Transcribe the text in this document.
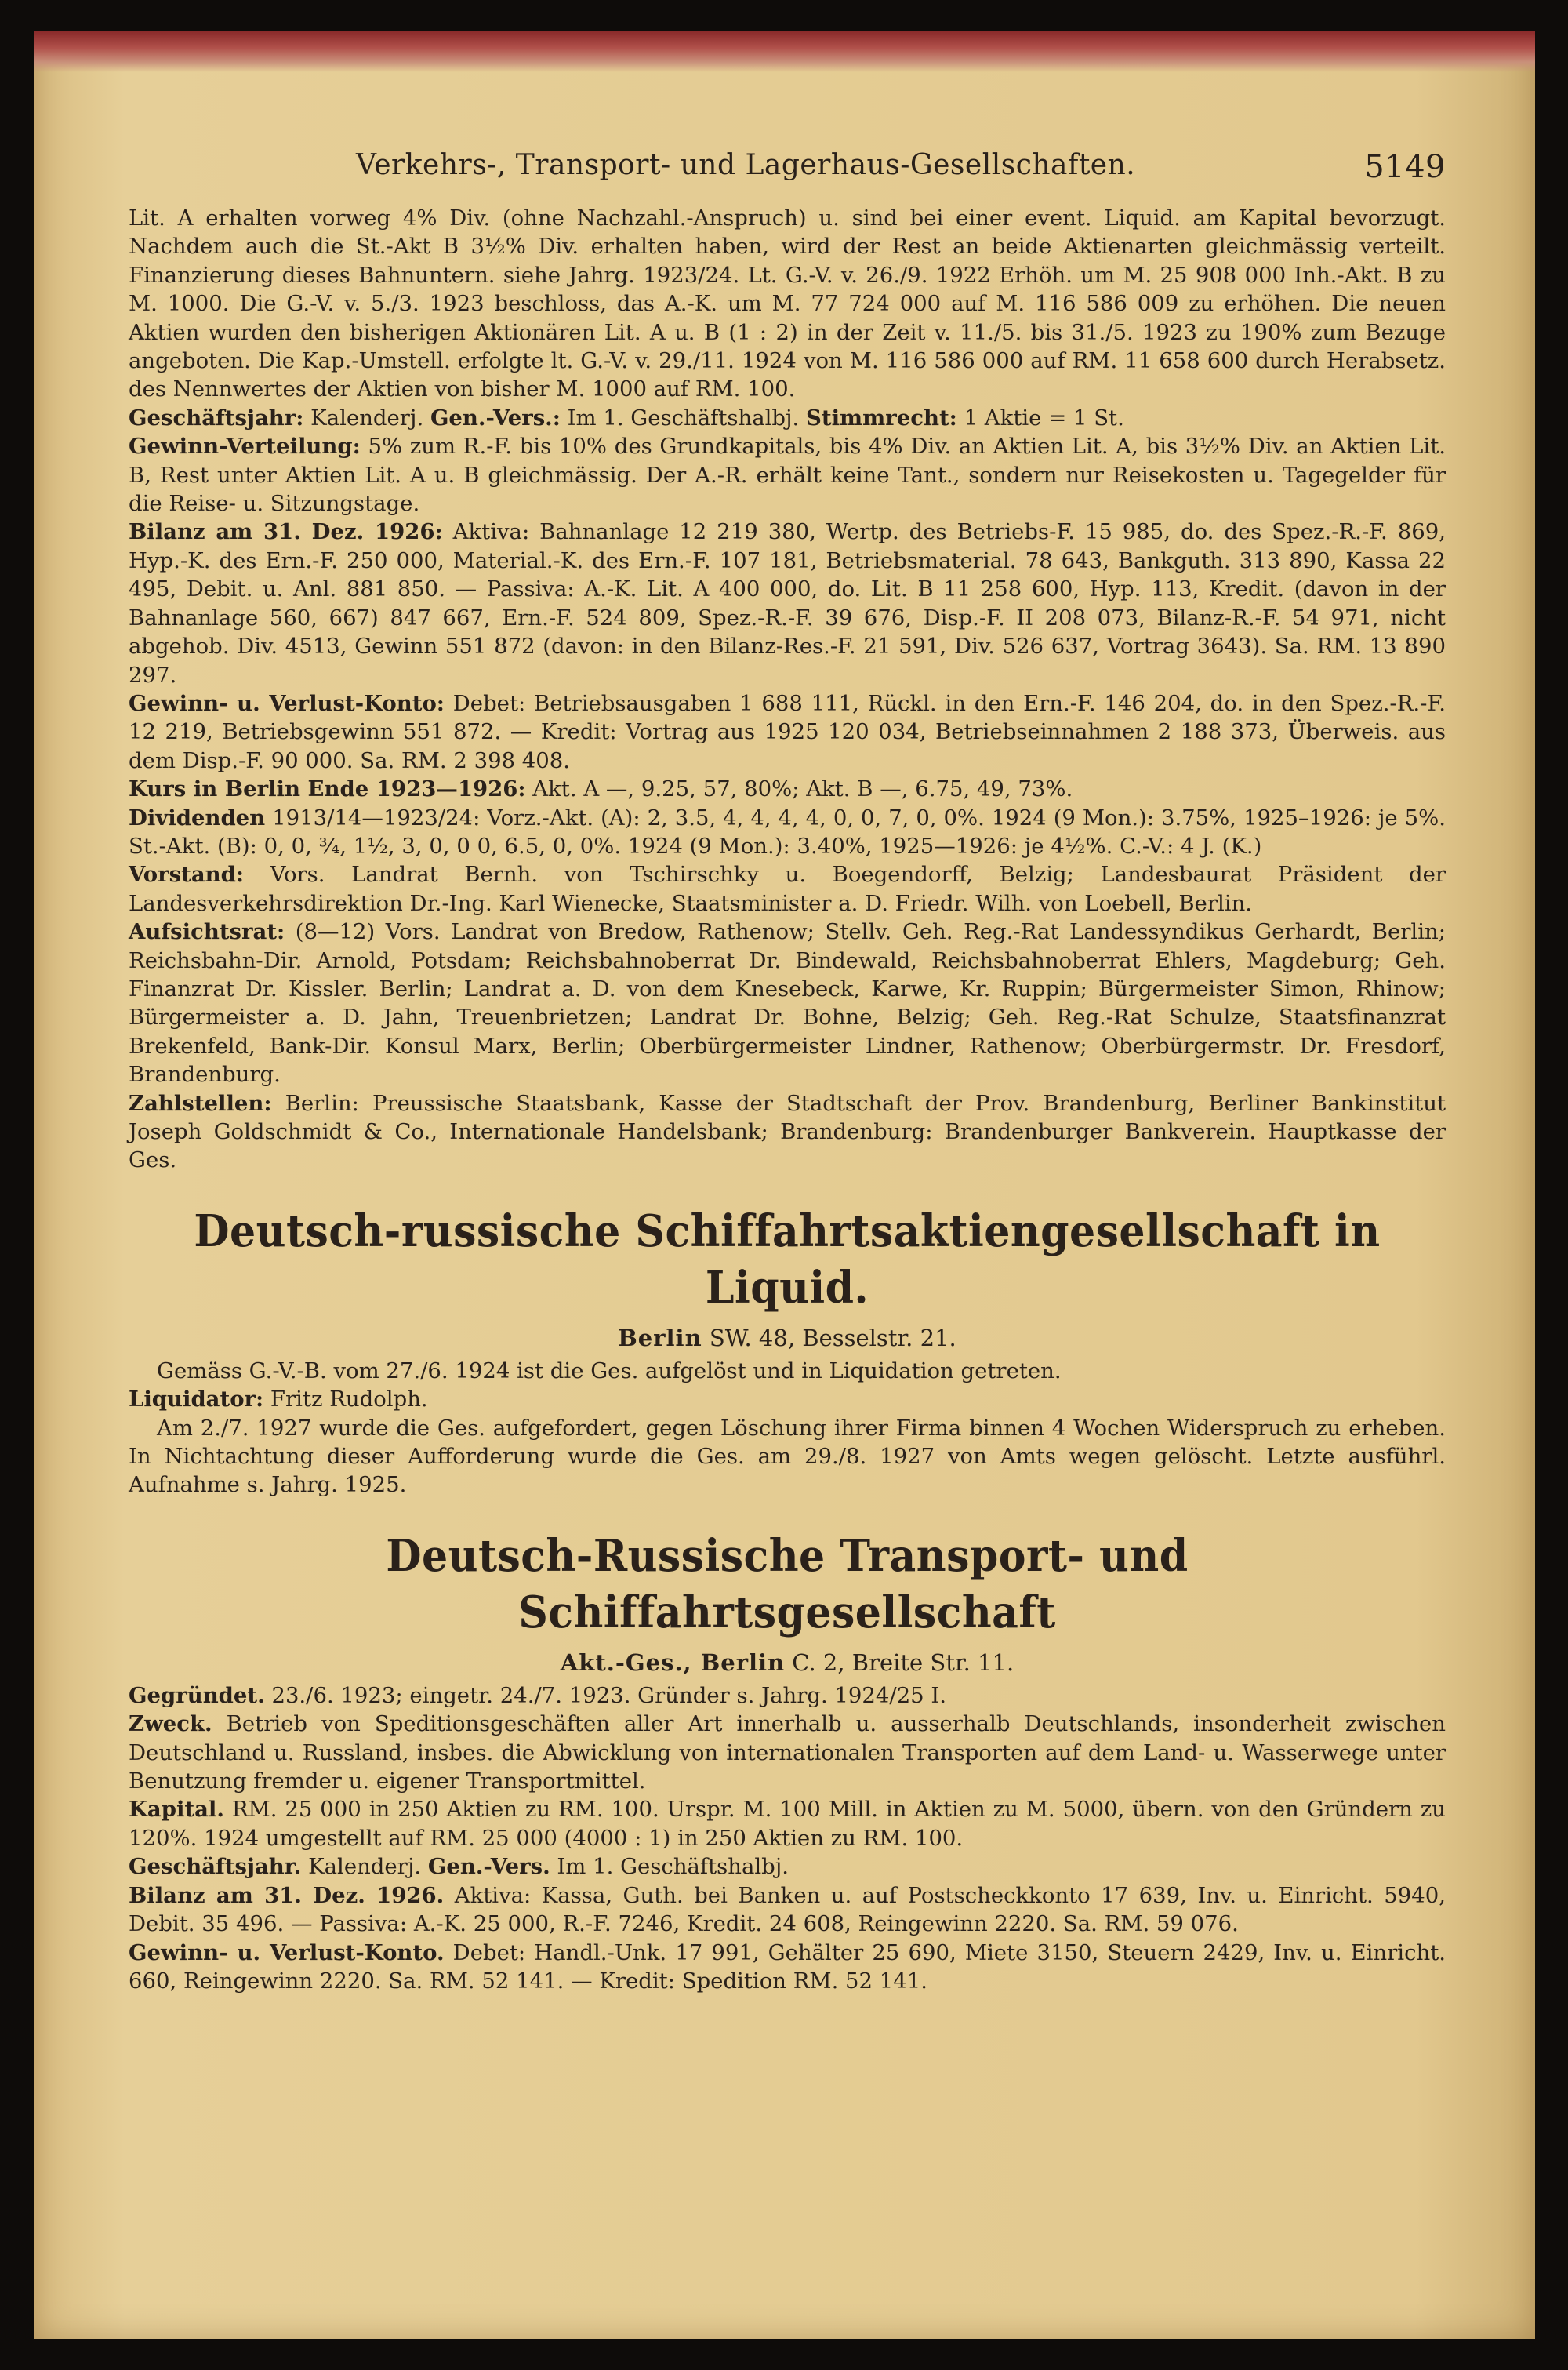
Verkehrs-, Transport- und Lagerhaus-Gesellschaften.	5149

Lit. A erhalten vorweg 4% Div. (ohne Nachzahl.-Anspruch) u. sind bei einer event. Liquid. am Kapital bevorzugt. Nachdem auch die St.-Akt B 3½% Div. erhalten haben, wird der Rest an beide Aktienarten gleichmässig verteilt. Finanzierung dieses Bahnuntern. siehe Jahrg. 1923/24. Lt. G.-V. v. 26./9. 1922 Erhöh. um M. 25 908 000 Inh.-Akt. B zu M. 1000. Die G.-V. v. 5./3. 1923 beschloss, das A.-K. um M. 77 724 000 auf M. 116 586 009 zu erhöhen. Die neuen Aktien wurden den bisherigen Aktionären Lit. A u. B (1 : 2) in der Zeit v. 11./5. bis 31./5. 1923 zu 190% zum Bezuge angeboten. Die Kap.-Umstell. erfolgte lt. G.-V. v. 29./11. 1924 von M. 116 586 000 auf RM. 11 658 600 durch Herabsetz. des Nennwertes der Aktien von bisher M. 1000 auf RM. 100.

Geschäftsjahr: Kalenderj. Gen.-Vers.: Im 1. Geschäftshalbj. Stimmrecht: 1 Aktie = 1 St.

Gewinn-Verteilung: 5% zum R.-F. bis 10% des Grundkapitals, bis 4% Div. an Aktien Lit. A, bis 3½% Div. an Aktien Lit. B, Rest unter Aktien Lit. A u. B gleichmässig. Der A.-R. erhält keine Tant., sondern nur Reisekosten u. Tagegelder für die Reise- u. Sitzungstage.

Bilanz am 31. Dez. 1926: Aktiva: Bahnanlage 12 219 380, Wertp. des Betriebs-F. 15 985, do. des Spez.-R.-F. 869, Hyp.-K. des Ern.-F. 250 000, Material.-K. des Ern.-F. 107 181, Betriebsmaterial. 78 643, Bankguth. 313 890, Kassa 22 495, Debit. u. Anl. 881 850. — Passiva: A.-K. Lit. A 400 000, do. Lit. B 11 258 600, Hyp. 113, Kredit. (davon in der Bahnanlage 560, 667) 847 667, Ern.-F. 524 809, Spez.-R.-F. 39 676, Disp.-F. II 208 073, Bilanz-R.-F. 54 971, nicht abgehob. Div. 4513, Gewinn 551 872 (davon: in den Bilanz-Res.-F. 21 591, Div. 526 637, Vortrag 3643). Sa. RM. 13 890 297.

Gewinn- u. Verlust-Konto: Debet: Betriebsausgaben 1 688 111, Rückl. in den Ern.-F. 146 204, do. in den Spez.-R.-F. 12 219, Betriebsgewinn 551 872. — Kredit: Vortrag aus 1925 120 034, Betriebseinnahmen 2 188 373, Überweis. aus dem Disp.-F. 90 000. Sa. RM. 2 398 408.

Kurs in Berlin Ende 1923—1926: Akt. A —, 9.25, 57, 80%; Akt. B —, 6.75, 49, 73%.

Dividenden 1913/14—1923/24: Vorz.-Akt. (A): 2, 3.5, 4, 4, 4, 4, 0, 0, 7, 0, 0%. 1924 (9 Mon.): 3.75%, 1925–1926: je 5%. St.-Akt. (B): 0, 0, ¾, 1½, 3, 0, 0 0, 6.5, 0, 0%. 1924 (9 Mon.): 3.40%, 1925—1926: je 4½%. C.-V.: 4 J. (K.)

Vorstand: Vors. Landrat Bernh. von Tschirschky u. Boegendorff, Belzig; Landesbaurat Präsident der Landesverkehrsdirektion Dr.-Ing. Karl Wienecke, Staatsminister a. D. Friedr. Wilh. von Loebell, Berlin.

Aufsichtsrat: (8—12) Vors. Landrat von Bredow, Rathenow; Stellv. Geh. Reg.-Rat Landessyndikus Gerhardt, Berlin; Reichsbahn-Dir. Arnold, Potsdam; Reichsbahnoberrat Dr. Bindewald, Reichsbahnoberrat Ehlers, Magdeburg; Geh. Finanzrat Dr. Kissler. Berlin; Landrat a. D. von dem Knesebeck, Karwe, Kr. Ruppin; Bürgermeister Simon, Rhinow; Bürgermeister a. D. Jahn, Treuenbrietzen; Landrat Dr. Bohne, Belzig; Geh. Reg.-Rat Schulze, Staatsfinanzrat Brekenfeld, Bank-Dir. Konsul Marx, Berlin; Oberbürgermeister Lindner, Rathenow; Oberbürgermstr. Dr. Fresdorf, Brandenburg.

Zahlstellen: Berlin: Preussische Staatsbank, Kasse der Stadtschaft der Prov. Brandenburg, Berliner Bankinstitut Joseph Goldschmidt & Co., Internationale Handelsbank; Brandenburg: Brandenburger Bankverein. Hauptkasse der Ges.

Deutsch-russische Schiffahrtsaktiengesellschaft in Liquid.
Berlin SW. 48, Besselstr. 21.

Gemäss G.-V.-B. vom 27./6. 1924 ist die Ges. aufgelöst und in Liquidation getreten.

Liquidator: Fritz Rudolph.

Am 2./7. 1927 wurde die Ges. aufgefordert, gegen Löschung ihrer Firma binnen 4 Wochen Widerspruch zu erheben. In Nichtachtung dieser Aufforderung wurde die Ges. am 29./8. 1927 von Amts wegen gelöscht. Letzte ausführl. Aufnahme s. Jahrg. 1925.

Deutsch-Russische Transport- und Schiffahrtsgesellschaft
Akt.-Ges., Berlin C. 2, Breite Str. 11.

Gegründet. 23./6. 1923; eingetr. 24./7. 1923. Gründer s. Jahrg. 1924/25 I.

Zweck. Betrieb von Speditionsgeschäften aller Art innerhalb u. ausserhalb Deutschlands, insonderheit zwischen Deutschland u. Russland, insbes. die Abwicklung von internationalen Transporten auf dem Land- u. Wasserwege unter Benutzung fremder u. eigener Transportmittel.

Kapital. RM. 25 000 in 250 Aktien zu RM. 100. Urspr. M. 100 Mill. in Aktien zu M. 5000, übern. von den Gründern zu 120%. 1924 umgestellt auf RM. 25 000 (4000 : 1) in 250 Aktien zu RM. 100.

Geschäftsjahr. Kalenderj. Gen.-Vers. Im 1. Geschäftshalbj.

Bilanz am 31. Dez. 1926. Aktiva: Kassa, Guth. bei Banken u. auf Postscheckkonto 17 639, Inv. u. Einricht. 5940, Debit. 35 496. — Passiva: A.-K. 25 000, R.-F. 7246, Kredit. 24 608, Reingewinn 2220. Sa. RM. 59 076.

Gewinn- u. Verlust-Konto. Debet: Handl.-Unk. 17 991, Gehälter 25 690, Miete 3150, Steuern 2429, Inv. u. Einricht. 660, Reingewinn 2220. Sa. RM. 52 141. — Kredit: Spedition RM. 52 141.
